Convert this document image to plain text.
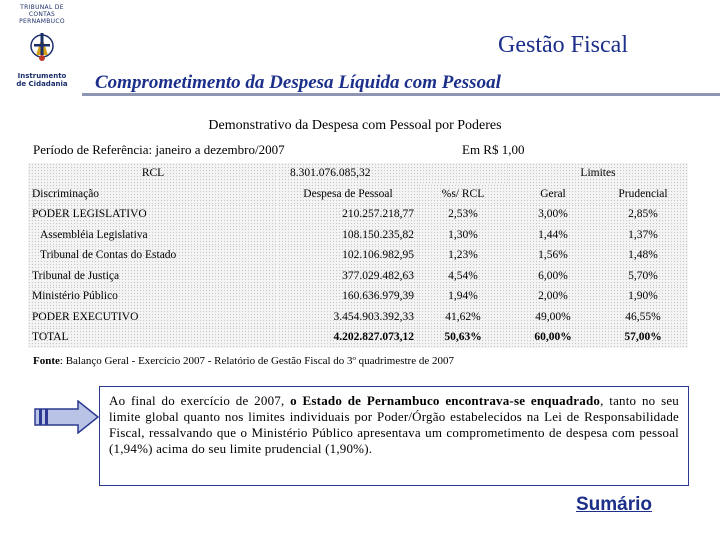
TRIBUNAL DE CONTAS
PERNAMBUCO
Instrumento
de Cidadania
Gestão Fiscal
Comprometimento da Despesa Líquida com Pessoal
Demonstrativo da Despesa com Pessoal por Poderes
Período de Referência: janeiro a dezembro/2007	Em R$ 1,00
RCL	8.301.076.085,32		Limites	
Discriminação	Despesa de Pessoal	%s/ RCL	Geral	Prudencial
PODER LEGISLATIVO	210.257.218,77	2,53%	3,00%	2,85%
Assembléia Legislativa	108.150.235,82	1,30%	1,44%	1,37%
Tribunal de Contas do Estado	102.106.982,95	1,23%	1,56%	1,48%
Tribunal de Justiça	377.029.482,63	4,54%	6,00%	5,70%
Ministério Público	160.636.979,39	1,94%	2,00%	1,90%
PODER EXECUTIVO	3.454.903.392,33	41,62%	49,00%	46,55%
TOTAL	4.202.827.073,12	50,63%	60,00%	57,00%
Fonte: Balanço Geral - Exercício 2007 - Relatório de Gestão Fiscal do 3º quadrimestre de 2007

Ao final do exercício de 2007, o Estado de Pernambuco encontrava-se enquadrado, tanto no seu limite global quanto nos limites individuais por Poder/Órgão estabelecidos na Lei de Responsabilidade Fiscal, ressalvando que o Ministério Público apresentava um comprometimento de despesa com pessoal (1,94%) acima do seu limite prudencial (1,90%).

Sumário
